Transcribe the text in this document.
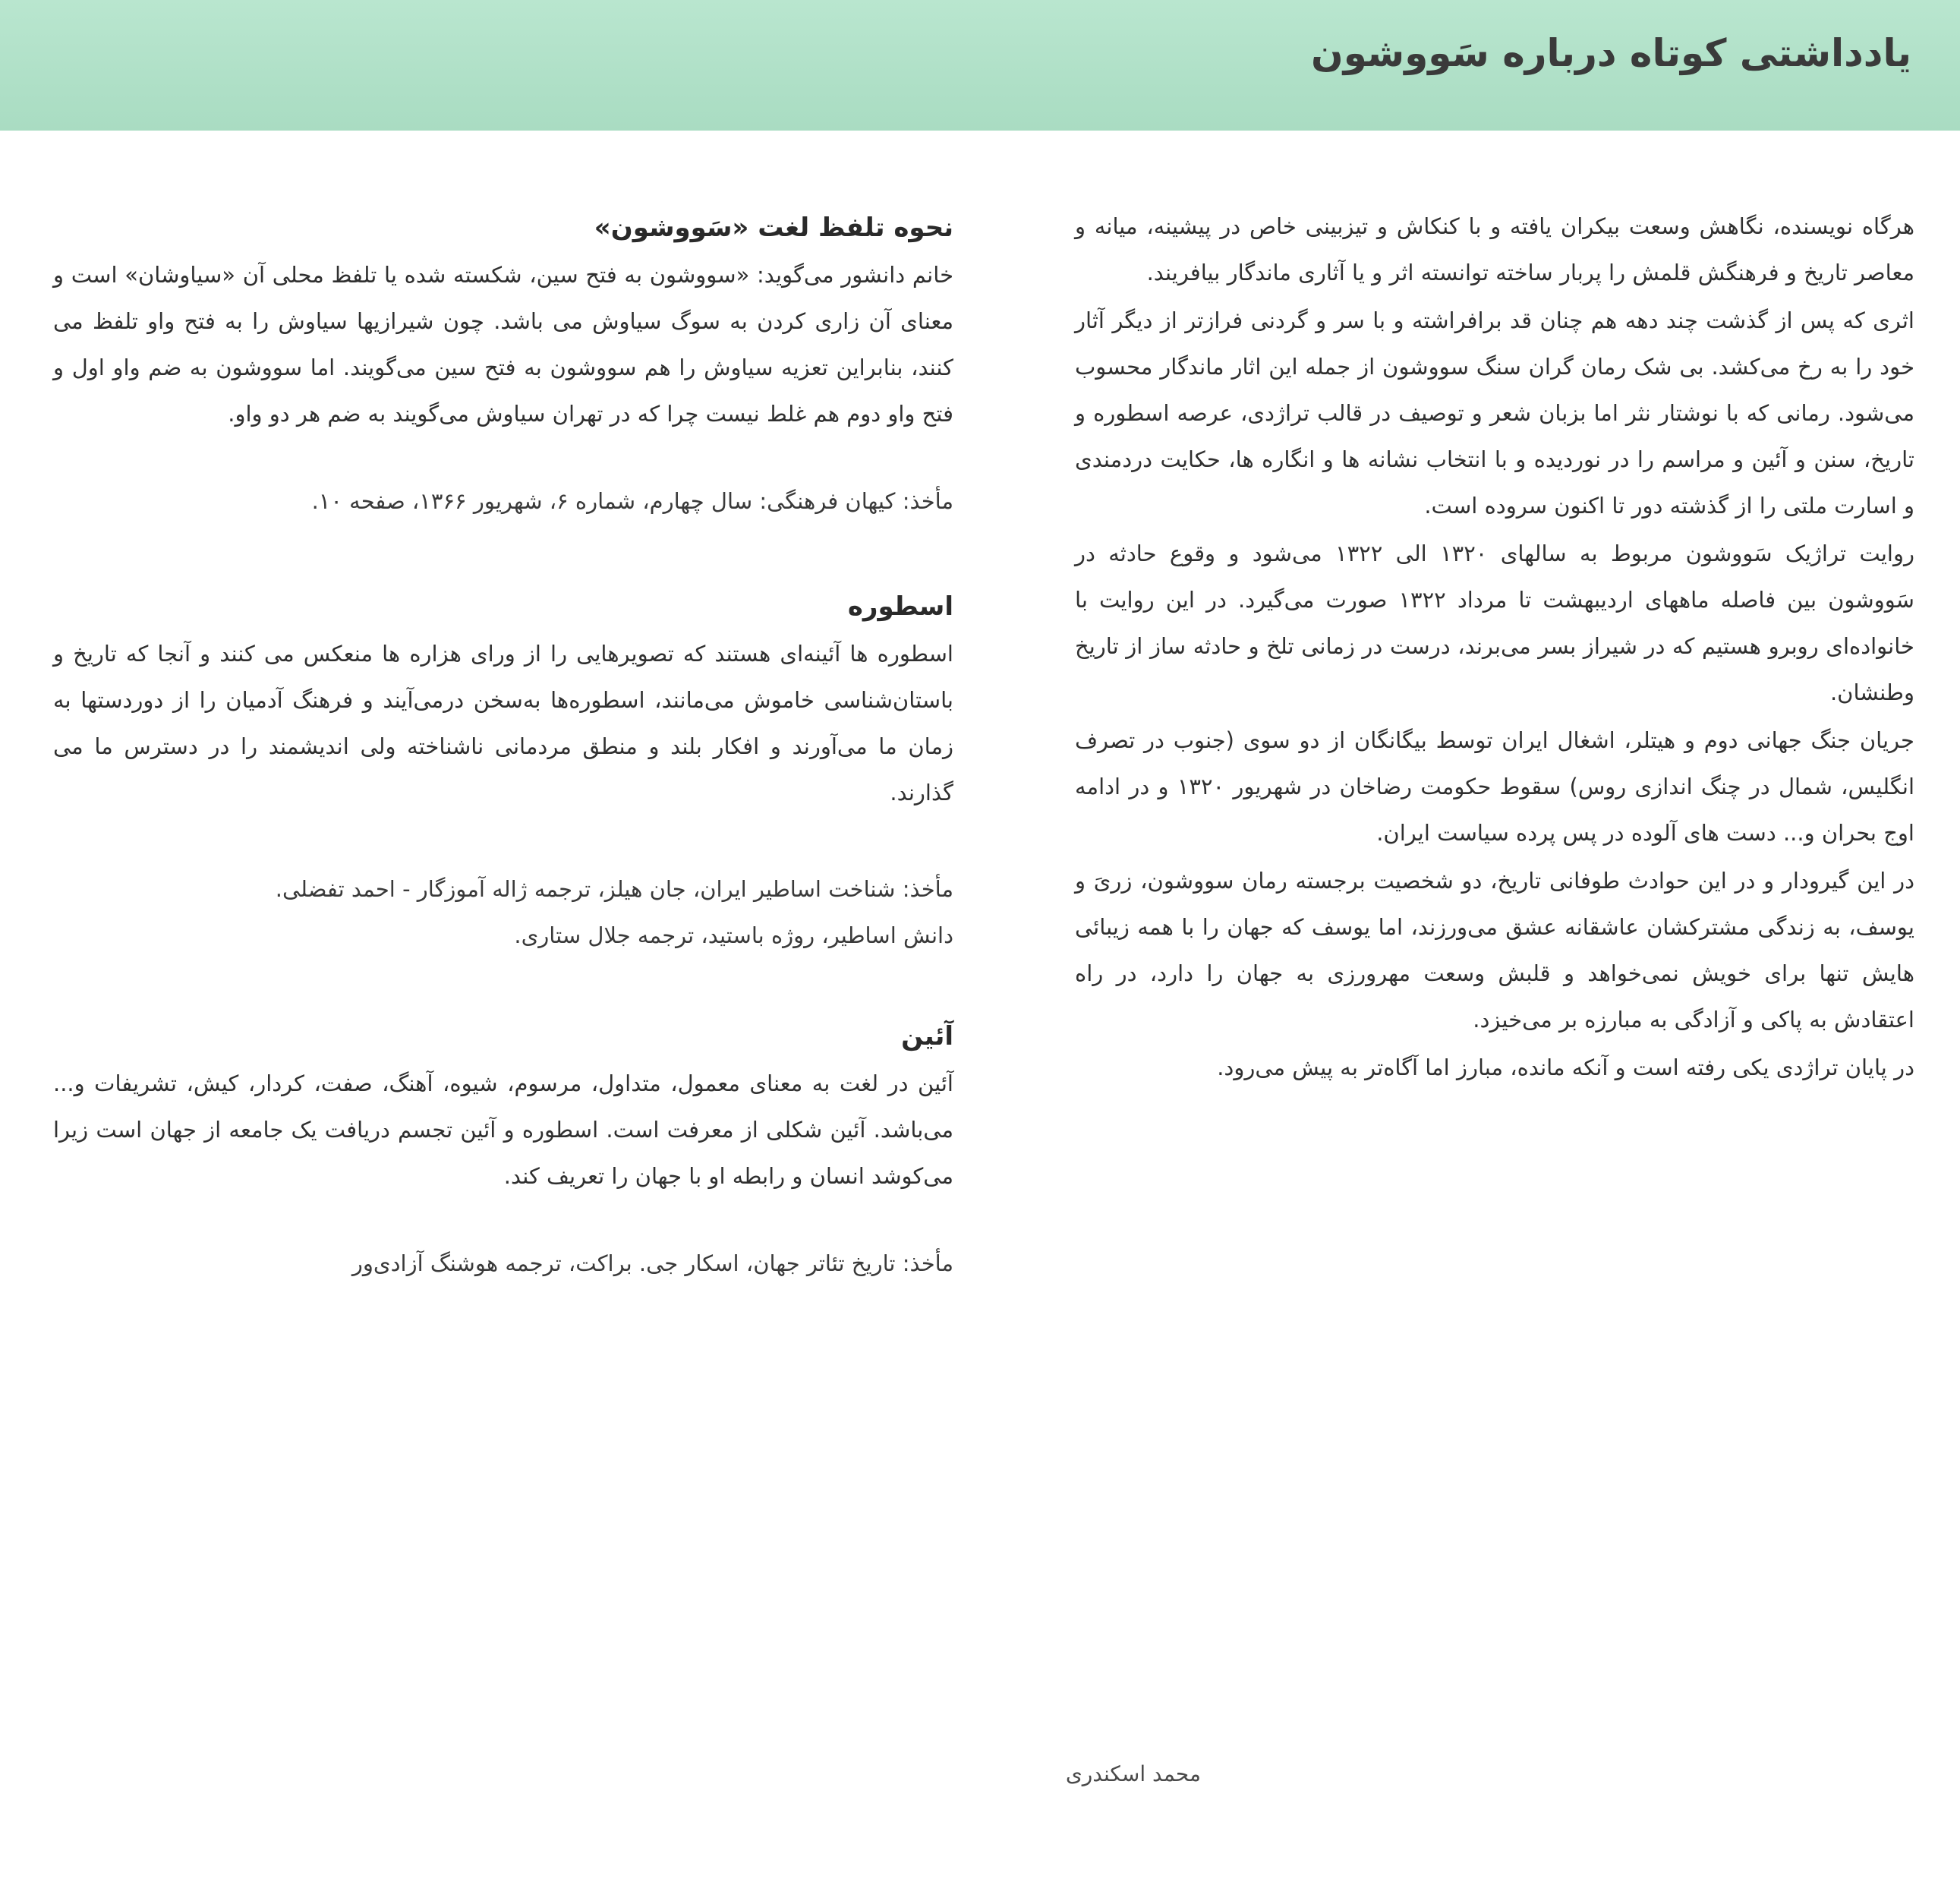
یادداشتی کوتاه درباره سَووشون

هرگاه نویسنده، نگاهش وسعت بیکران یافته و با کنکاش و تیزبینی خاص در پیشینه، میانه و معاصر تاریخ و فرهنگش قلمش را پربار ساخته توانسته اثر و یا آثاری ماندگار بیافریند.

اثری که پس از گذشت چند دهه هم چنان قد برافراشته و با سر و گردنی فرازتر از دیگر آثار خود را به رخ می‌کشد. بی شک رمان گران سنگ سووشون از جمله این اثار ماندگار محسوب می‌شود. رمانی که با نوشتار نثر اما بزبان شعر و توصیف در قالب تراژدی، عرصه اسطوره و تاریخ، سنن و آئین و مراسم را در نوردیده و با انتخاب نشانه ها و انگاره ها، حکایت دردمندی و اسارت ملتی را از گذشته دور تا اکنون سروده است.

روایت تراژیک سَووشون مربوط به سالهای ۱۳۲۰ الی ۱۳۲۲ می‌شود و وقوع حادثه در سَووشون بین فاصله ماههای اردیبهشت تا مرداد ۱۳۲۲ صورت می‌گیرد. در این روایت با خانواده‌ای روبرو هستیم که در شیراز بسر می‌برند، درست در زمانی تلخ و حادثه ساز از تاریخ وطنشان.

جریان جنگ جهانی دوم و هیتلر، اشغال ایران توسط بیگانگان از دو سوی (جنوب در تصرف انگلیس، شمال در چنگ اندازی روس) سقوط حکومت رضاخان در شهریور ۱۳۲۰ و در ادامه اوج بحران و... دست های آلوده در پس پرده سیاست ایران.

در این گیرودار و در این حوادث طوفانی تاریخ، دو شخصیت برجسته رمان سووشون، زریَ و یوسف، به زندگی مشترکشان عاشقانه عشق می‌ورزند، اما یوسف که جهان را با همه زیبائی هایش تنها برای خویش نمی‌خواهد و قلبش وسعت مهرورزی به جهان را دارد، در راه اعتقادش به پاکی و آزادگی به مبارزه بر می‌خیزد.

در پایان تراژدی یکی رفته است و آنکه مانده، مبارز اما آگاه‌تر به پیش می‌رود.

نحوه تلفظ لغت «سَووشون»

خانم دانشور می‌گوید: «سووشون به فتح سین، شکسته شده یا تلفظ محلی آن «سیاوشان» است و معنای آن زاری کردن به سوگ سیاوش می باشد. چون شیرازیها سیاوش را به فتح واو تلفظ می کنند، بنابراین تعزیه سیاوش را هم سووشون به فتح سین می‌گویند. اما سووشون به ضم واو اول و فتح واو دوم هم غلط نیست چرا که در تهران سیاوش می‌گویند به ضم هر دو واو.

مأخذ: کیهان فرهنگی: سال چهارم، شماره ۶، شهریور ۱۳۶۶، صفحه ۱۰.

اسطوره

اسطوره ها آئینه‌ای هستند که تصویرهایی را از ورای هزاره ها منعکس می کنند و آنجا که تاریخ و باستان‌شناسی خاموش می‌مانند، اسطوره‌ها به‌سخن درمی‌آیند و فرهنگ آدمیان را از دوردستها به زمان ما می‌آورند و افکار بلند و منطق مردمانی ناشناخته ولی اندیشمند را در دسترس ما می گذارند.

مأخذ: شناخت اساطیر ایران، جان هیلز، ترجمه ژاله آموزگار - احمد تفضلی.

دانش اساطیر، روژه باستید، ترجمه جلال ستاری.

آئین

آئین در لغت به معنای معمول، متداول، مرسوم، شیوه، آهنگ، صفت، کردار، کیش، تشریفات و... می‌باشد. آئین شکلی از معرفت است. اسطوره و آئین تجسم دریافت یک جامعه از جهان است زیرا می‌کوشد انسان و رابطه او با جهان را تعریف کند.

مأخذ: تاریخ تئاتر جهان، اسکار جی. براکت، ترجمه هوشنگ آزادی‌ور

محمد اسکندری
